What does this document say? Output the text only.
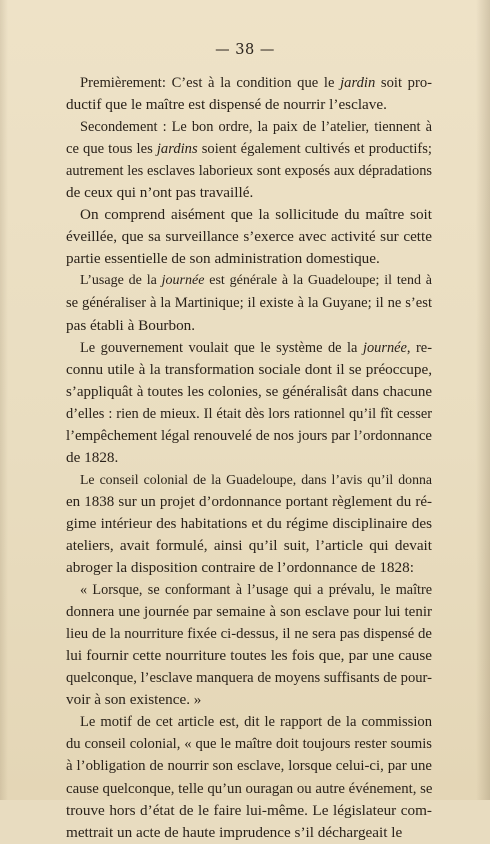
— 38 —
Premièrement: C’est à la condition que le jardin soit pro-
ductif que le maître est dispensé de nourrir l’esclave.
Secondement : Le bon ordre, la paix de l’atelier, tiennent à
ce que tous les jardins soient également cultivés et productifs;
autrement les esclaves laborieux sont exposés aux dépradations
de ceux qui n’ont pas travaillé.
On comprend aisément que la sollicitude du maître soit
éveillée, que sa surveillance s’exerce avec activité sur cette
partie essentielle de son administration domestique.
L’usage de la journée est générale à la Guadeloupe; il tend à
se généraliser à la Martinique; il existe à la Guyane; il ne s’est
pas établi à Bourbon.
Le gouvernement voulait que le système de la journée, re-
connu utile à la transformation sociale dont il se préoccupe,
s’appliquât à toutes les colonies, se généralisât dans chacune
d’elles : rien de mieux. Il était dès lors rationnel qu’il fît cesser
l’empêchement légal renouvelé de nos jours par l’ordonnance
de 1828.
Le conseil colonial de la Guadeloupe, dans l’avis qu’il donna
en 1838 sur un projet d’ordonnance portant règlement du ré-
gime intérieur des habitations et du régime disciplinaire des
ateliers, avait formulé, ainsi qu’il suit, l’article qui devait
abroger la disposition contraire de l’ordonnance de 1828:
« Lorsque, se conformant à l’usage qui a prévalu, le maître
donnera une journée par semaine à son esclave pour lui tenir
lieu de la nourriture fixée ci-dessus, il ne sera pas dispensé de
lui fournir cette nourriture toutes les fois que, par une cause
quelconque, l’esclave manquera de moyens suffisants de pour-
voir à son existence. »
Le motif de cet article est, dit le rapport de la commission
du conseil colonial, « que le maître doit toujours rester soumis
à l’obligation de nourrir son esclave, lorsque celui-ci, par une
cause quelconque, telle qu’un ouragan ou autre événement, se
trouve hors d’état de le faire lui-même. Le législateur com-
mettrait un acte de haute imprudence s’il déchargeait le
